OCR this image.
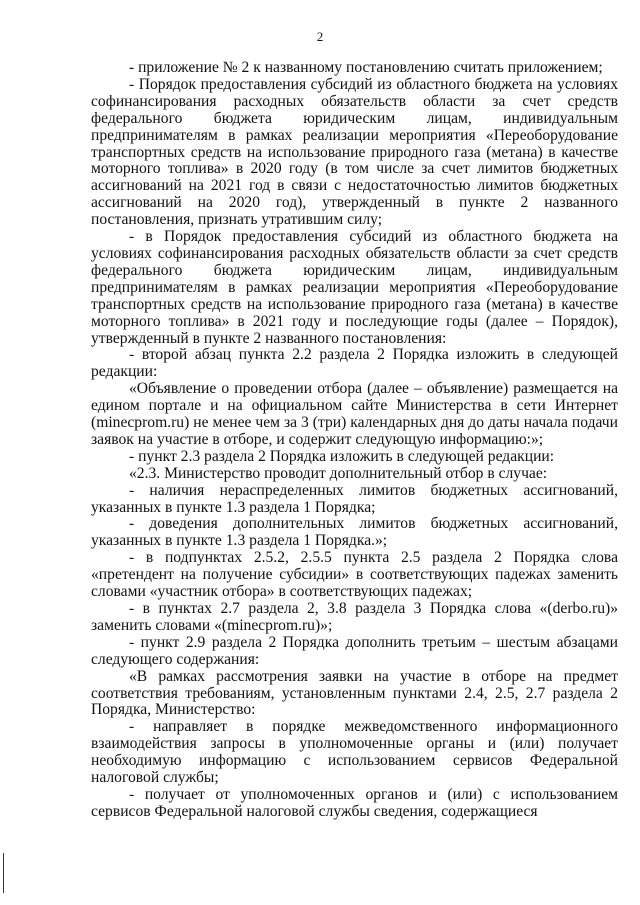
2

- приложение № 2 к названному постановлению считать приложением;

- Порядок предоставления субсидий из областного бюджета на условиях софинансирования расходных обязательств области за счет средств федерального бюджета юридическим лицам, индивидуальным предпринимателям в рамках реализации мероприятия «Переоборудование транспортных средств на использование природного газа (метана) в качестве моторного топлива» в 2020 году (в том числе за счет лимитов бюджетных ассигнований на 2021 год в связи с недостаточностью лимитов бюджетных ассигнований на 2020 год), утвержденный в пункте 2 названного постановления, признать утратившим силу;

- в Порядок предоставления субсидий из областного бюджета на условиях софинансирования расходных обязательств области за счет средств федерального бюджета юридическим лицам, индивидуальным предпринимателям в рамках реализации мероприятия «Переоборудование транспортных средств на использование природного газа (метана) в качестве моторного топлива» в 2021 году и последующие годы (далее – Порядок), утвержденный в пункте 2 названного постановления:

- второй абзац пункта 2.2 раздела 2 Порядка изложить в следующей редакции:

«Объявление о проведении отбора (далее – объявление) размещается на едином портале и на официальном сайте Министерства в сети Интернет (minecprom.ru) не менее чем за 3 (три) календарных дня до даты начала подачи заявок на участие в отборе, и содержит следующую информацию:»;

- пункт 2.3 раздела 2 Порядка изложить в следующей редакции:

«2.3. Министерство проводит дополнительный отбор в случае:

- наличия нераспределенных лимитов бюджетных ассигнований, указанных в пункте 1.3 раздела 1 Порядка;

- доведения дополнительных лимитов бюджетных ассигнований, указанных в пункте 1.3 раздела 1 Порядка.»;

- в подпунктах 2.5.2, 2.5.5 пункта 2.5 раздела 2 Порядка слова «претендент на получение субсидии» в соответствующих падежах заменить словами «участник отбора» в соответствующих падежах;

- в пунктах 2.7 раздела 2, 3.8 раздела 3 Порядка слова «(derbo.ru)» заменить словами «(minecprom.ru)»;

- пункт 2.9 раздела 2 Порядка дополнить третьим – шестым абзацами следующего содержания:

«В рамках рассмотрения заявки на участие в отборе на предмет соответствия требованиям, установленным пунктами 2.4, 2.5, 2.7 раздела 2 Порядка, Министерство:

- направляет в порядке межведомственного информационного взаимодействия запросы в уполномоченные органы и (или) получает необходимую информацию с использованием сервисов Федеральной налоговой службы;

- получает от уполномоченных органов и (или) с использованием сервисов Федеральной налоговой службы сведения, содержащиеся
